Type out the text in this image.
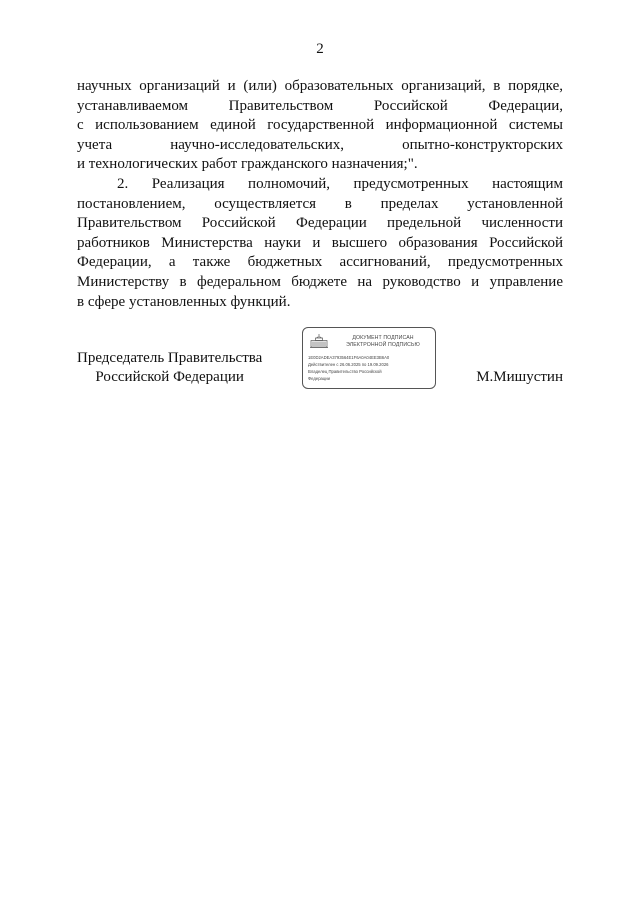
2

научных организаций и (или) образовательных организаций, в порядке,

устанавливаемом Правительством Российской Федерации,

с использованием единой государственной информационной системы

учета научно-исследовательских, опытно-конструкторских

и технологических работ гражданского назначения;".

2. Реализация полномочий, предусмотренных настоящим

постановлением, осуществляется в пределах установленной

Правительством Российской Федерации предельной численности

работников Министерства науки и высшего образования Российской

Федерации, а также бюджетных ассигнований, предусмотренных

Министерству в федеральном бюджете на руководство и управление

в сфере установленных функций.

Председатель Правительства
Российской Федерации
ДОКУМЕНТ ПОДПИСАН
ЭЛЕКТРОННОЙ ПОДПИСЬЮ
1E0D2ADEA3793564E1F6A0A04EE3B6A0
Действителен с 26.06.2025 по 19.09.2026
Владелец Правительство Российской
Федерации	М.Мишустин
